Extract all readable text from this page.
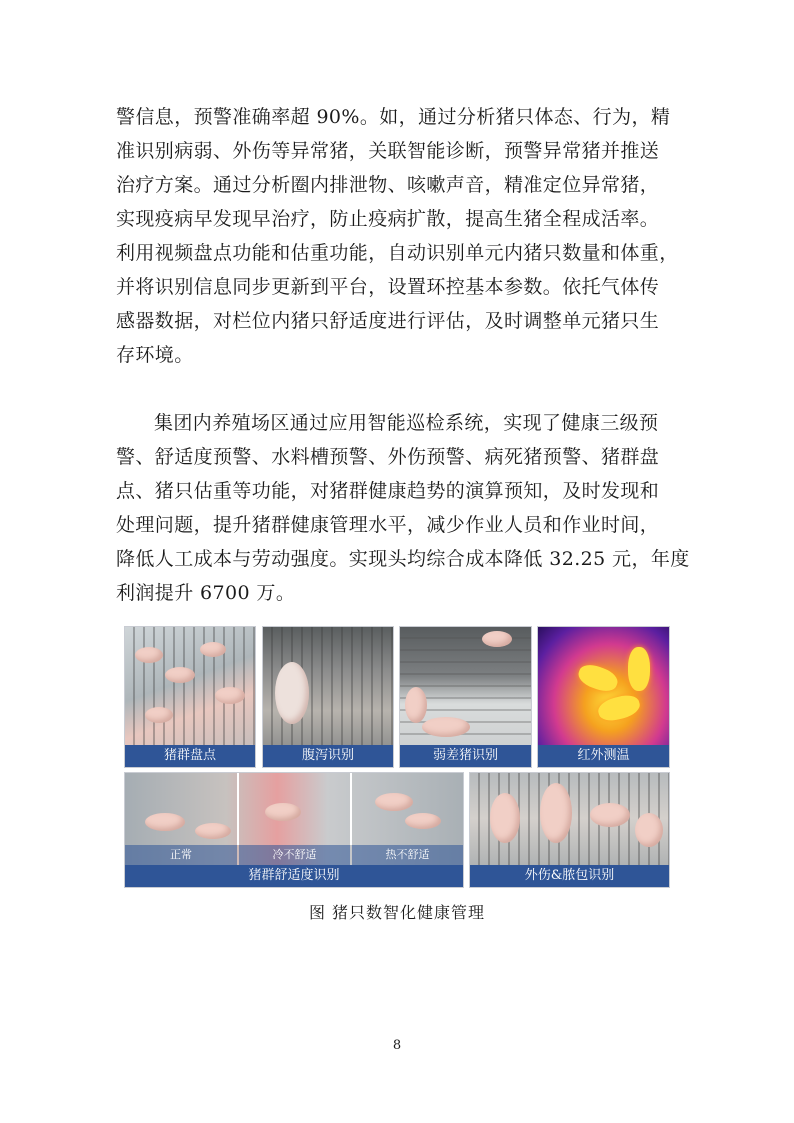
警信息，预警准确率超 90%。如，通过分析猪只体态、行为，精
准识别病弱、外伤等异常猪，关联智能诊断，预警异常猪并推送
治疗方案。通过分析圈内排泄物、咳嗽声音，精准定位异常猪，
实现疫病早发现早治疗，防止疫病扩散，提高生猪全程成活率。
利用视频盘点功能和估重功能，自动识别单元内猪只数量和体重，
并将识别信息同步更新到平台，设置环控基本参数。依托气体传
感器数据，对栏位内猪只舒适度进行评估，及时调整单元猪只生
存环境。
集团内养殖场区通过应用智能巡检系统，实现了健康三级预
警、舒适度预警、水料槽预警、外伤预警、病死猪预警、猪群盘
点、猪只估重等功能，对猪群健康趋势的演算预知，及时发现和
处理问题，提升猪群健康管理水平，减少作业人员和作业时间，
降低人工成本与劳动强度。实现头均综合成本降低 32.25 元，年度
利润提升 6700 万。
猪群盘点	腹泻识别	弱差猪识别	红外测温
正常	冷不舒适	热不舒适
猪群舒适度识别	外伤&脓包识别
图 猪只数智化健康管理
8
